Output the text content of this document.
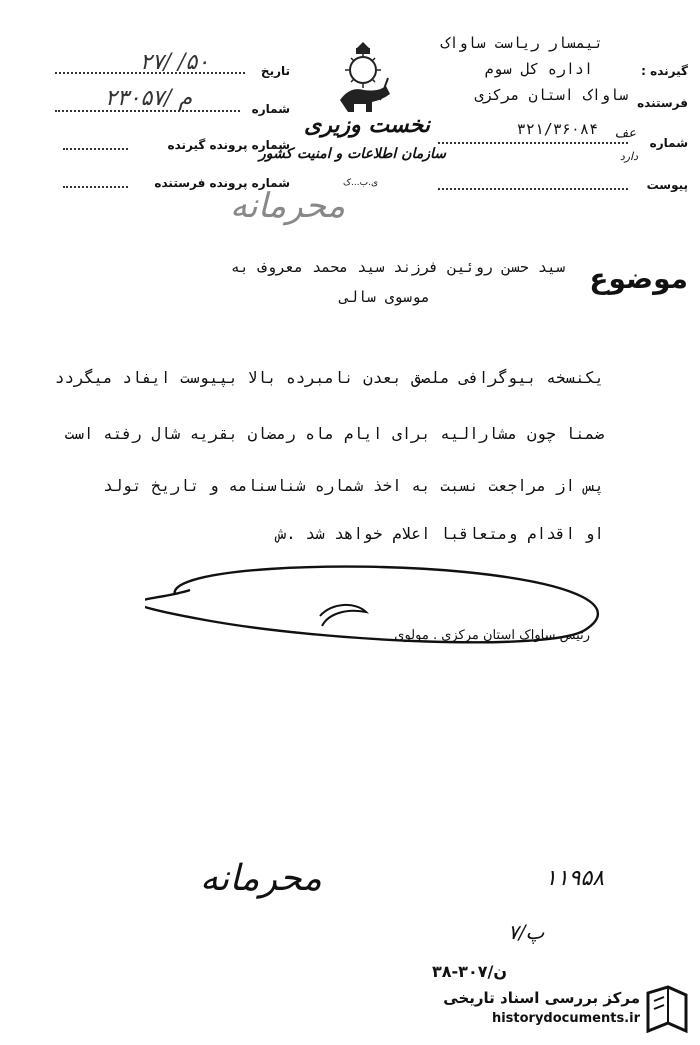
تیمسار ریاست ساواک
گیرنده :
اداره کل سوم
فرستنده
ساواک استان مرکزی
شماره
عف
۳۲۱/۳۶۰۸۴
دارد
پیوست
نخست وزیری
سازمان اطلاعات و امنیت کشور
ی.ب...ک
تاریخ
۲۷/ /۵۰
شماره
۲۳۰۵۷/ م
شماره پرونده گیرنده
شماره پرونده فرستنده
محرمانه
موضوع
سید حسن روئین فرزند سید محمد معروف به
موسوی سالی
یکنسخه بیوگرافی ملصق بعدن نامبرده بالا بپیوست ایفاد میگردد
ضمنا چون مشارالیه برای ایام ماه رمضان بقریه شال رفته است
پس از مراجعت نسبت به اخذ شماره شناسنامه و تاریخ تولد
او اقدام ومتعاقبا اعلام خواهد شد .ش
رئیس ساواک استان مرکزی . مولوی
محرمانه	۱۱۹۵۸
پ/۷
۳۸-۳۰۷/ن
مرکز بررسی اسناد تاریخی
historydocuments.ir
